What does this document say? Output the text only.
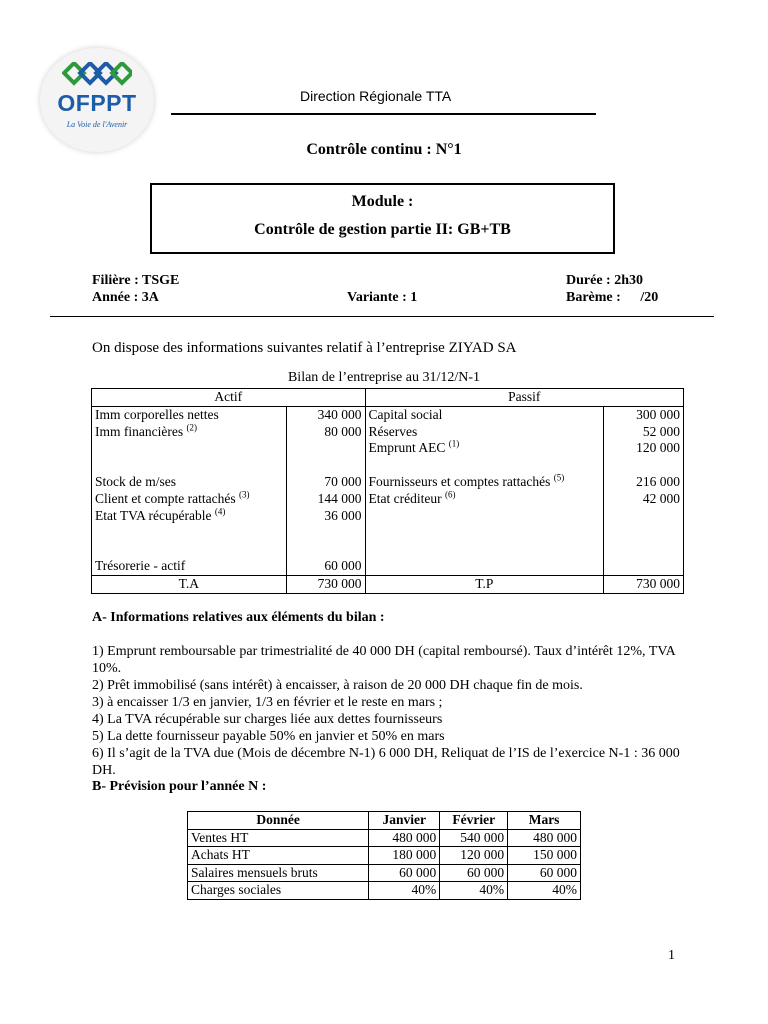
OFPPT
La Voie de l'Avenir
Direction Régionale TTA
Contrôle continu : N°1
Module :
Contrôle de gestion partie II: GB+TB
Filière : TSGE
Année : 3A	Variante : 1
Durée : 2h30
Barème : /20
On dispose des informations suivantes relatif à l’entreprise ZIYAD SA
Bilan de l’entreprise au 31/12/N-1
Actif		Passif	
Imm corporelles nettes	340 000	Capital social	300 000
Imm financières $^{(2)}$	80 000	Réserves	52 000
		Emprunt AEC $^{(1)}$	120 000

Stock de m/ses	70 000	Fournisseurs et comptes rattachés $^{(5)}$	216 000
Client et compte rattachés $^{(3)}$	144 000	Etat créditeur $^{(6)}$	42 000
Etat TVA récupérable $^{(4)}$	36 000		

Trésorerie - actif	60 000		
T.A	730 000	T.P	730 000
A- Informations relatives aux éléments du bilan :
1) Emprunt remboursable par trimestrialité de 40 000 DH (capital remboursé). Taux d’intérêt 12%, TVA 10%.
2) Prêt immobilisé (sans intérêt) à encaisser, à raison de 20 000 DH chaque fin de mois.
3) à encaisser 1/3 en janvier, 1/3 en février et le reste en mars ;
4) La TVA récupérable sur charges liée aux dettes fournisseurs
5) La dette fournisseur payable 50% en janvier et 50% en mars
6) Il s’agit de la TVA due (Mois de décembre N-1) 6 000 DH, Reliquat de l’IS de l’exercice N-1 : 36 000 DH.
B- Prévision pour l’année N :
Donnée	Janvier	Février	Mars
Ventes HT	480 000	540 000	480 000
Achats HT	180 000	120 000	150 000
Salaires mensuels bruts	60 000	60 000	60 000
Charges sociales	40%	40%	40%
1
